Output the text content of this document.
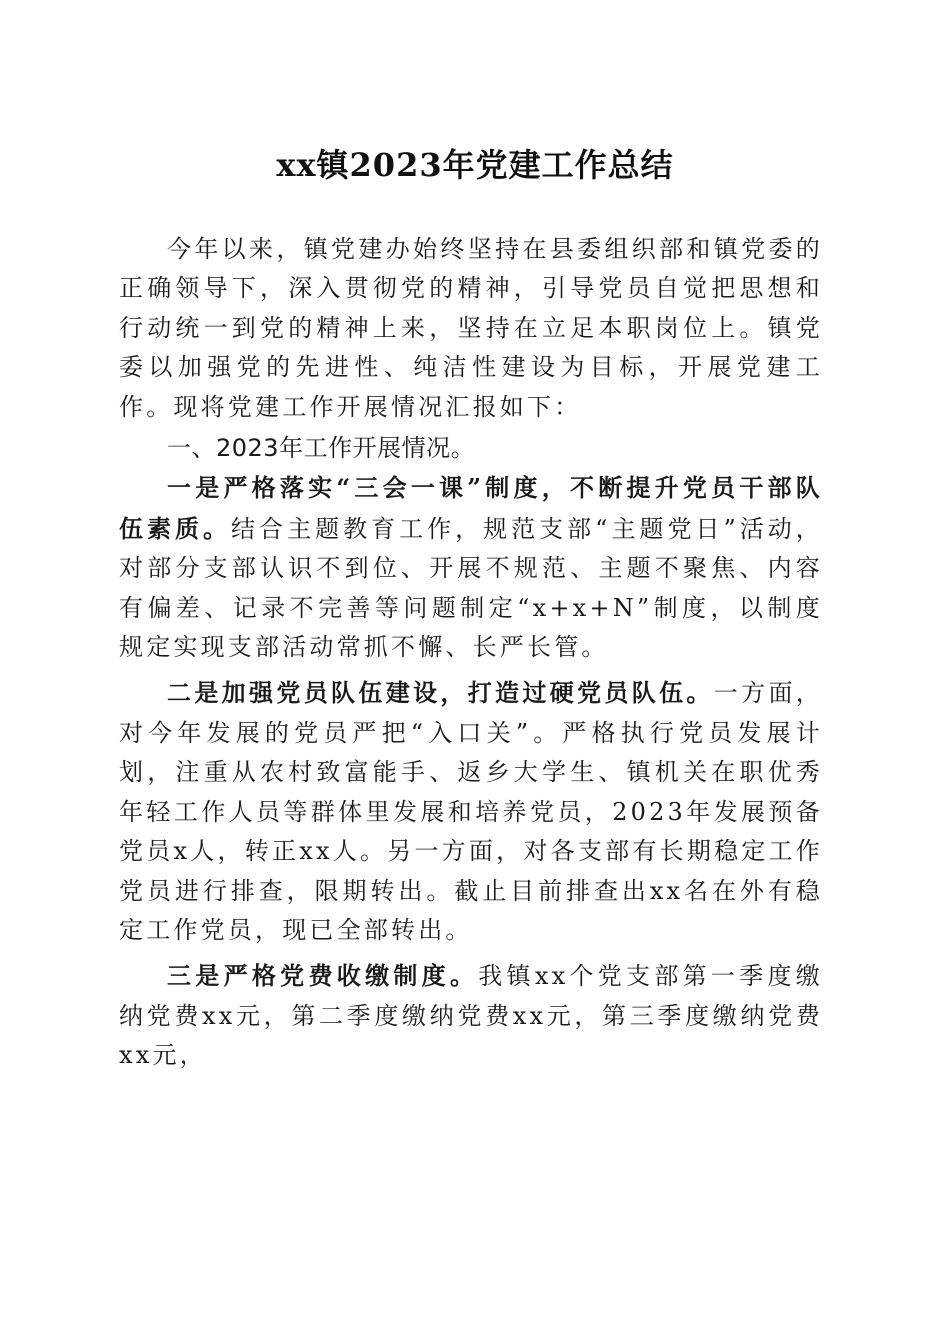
xx镇2023年党建工作总结

今年以来，镇党建办始终坚持在县委组织部和镇党委的正确领导下，深入贯彻党的精神，引导党员自觉把思想和行动统一到党的精神上来，坚持在立足本职岗位上。镇党委以加强党的先进性、纯洁性建设为目标，开展党建工作。现将党建工作开展情况汇报如下：

一、2023年工作开展情况。

一是严格落实“三会一课”制度，不断提升党员干部队伍素质。结合主题教育工作，规范支部“主题党日”活动，对部分支部认识不到位、开展不规范、主题不聚焦、内容有偏差、记录不完善等问题制定“x+x+N”制度，以制度规定实现支部活动常抓不懈、长严长管。

二是加强党员队伍建设，打造过硬党员队伍。一方面，对今年发展的党员严把“入口关”。严格执行党员发展计划，注重从农村致富能手、返乡大学生、镇机关在职优秀年轻工作人员等群体里发展和培养党员，2023年发展预备党员x人，转正xx人。另一方面，对各支部有长期稳定工作党员进行排查，限期转出。截止目前排查出xx名在外有稳定工作党员，现已全部转出。

三是严格党费收缴制度。我镇xx个党支部第一季度缴纳党费xx元，第二季度缴纳党费xx元，第三季度缴纳党费xx元，
